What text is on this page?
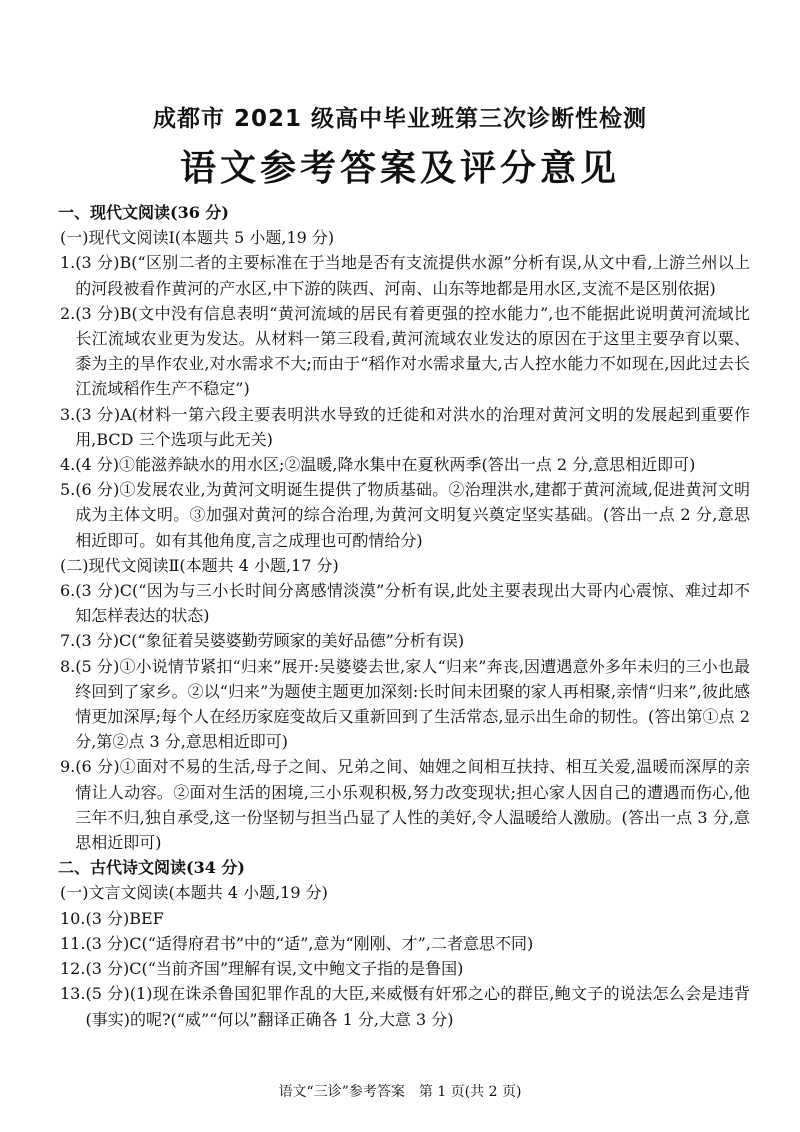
成都市 2021 级高中毕业班第三次诊断性检测
语文参考答案及评分意见
一、现代文阅读(36 分)
(一)现代文阅读Ⅰ(本题共 5 小题,19 分)
1. (3 分)B(“区别二者的主要标准在于当地是否有支流提供水源”分析有误,从文中看,上游兰州以上的河段被看作黄河的产水区,中下游的陕西、河南、山东等地都是用水区,支流不是区别依据)
2. (3 分)B(文中没有信息表明“黄河流域的居民有着更强的控水能力”,也不能据此说明黄河流域比长江流域农业更为发达。从材料一第三段看,黄河流域农业发达的原因在于这里主要孕育以粟、黍为主的旱作农业,对水需求不大;而由于“稻作对水需求量大,古人控水能力不如现在,因此过去长江流域稻作生产不稳定”)
3. (3 分)A(材料一第六段主要表明洪水导致的迁徙和对洪水的治理对黄河文明的发展起到重要作用,BCD 三个选项与此无关)
4. (4 分)①能滋养缺水的用水区;②温暖,降水集中在夏秋两季(答出一点 2 分,意思相近即可)
5. (6 分)①发展农业,为黄河文明诞生提供了物质基础。②治理洪水,建都于黄河流域,促进黄河文明成为主体文明。③加强对黄河的综合治理,为黄河文明复兴奠定坚实基础。(答出一点 2 分,意思相近即可。如有其他角度,言之成理也可酌情给分)
(二)现代文阅读Ⅱ(本题共 4 小题,17 分)
6. (3 分)C(“因为与三小长时间分离感情淡漠”分析有误,此处主要表现出大哥内心震惊、难过却不知怎样表达的状态)
7. (3 分)C(“象征着吴婆婆勤劳顾家的美好品德”分析有误)
8. (5 分)①小说情节紧扣“归来”展开:吴婆婆去世,家人“归来”奔丧,因遭遇意外多年未归的三小也最终回到了家乡。②以“归来”为题使主题更加深刻:长时间未团聚的家人再相聚,亲情“归来”,彼此感情更加深厚;每个人在经历家庭变故后又重新回到了生活常态,显示出生命的韧性。(答出第①点 2 分,第②点 3 分,意思相近即可)
9. (6 分)①面对不易的生活,母子之间、兄弟之间、妯娌之间相互扶持、相互关爱,温暖而深厚的亲情让人动容。②面对生活的困境,三小乐观积极,努力改变现状;担心家人因自己的遭遇而伤心,他三年不归,独自承受,这一份坚韧与担当凸显了人性的美好,令人温暖给人激励。(答出一点 3 分,意思相近即可)
二、古代诗文阅读(34 分)
(一)文言文阅读(本题共 4 小题,19 分)
10. (3 分)BEF
11. (3 分)C(“适得府君书”中的“适”,意为“刚刚、才”,二者意思不同)
12. (3 分)C(“当前齐国”理解有误,文中鲍文子指的是鲁国)
13. (5 分)(1)现在诛杀鲁国犯罪作乱的大臣,来威慑有奸邪之心的群臣,鲍文子的说法怎么会是违背(事实)的呢?(“威”“何以”翻译正确各 1 分,大意 3 分)
语文“三诊”参考答案　第 1 页(共 2 页)
